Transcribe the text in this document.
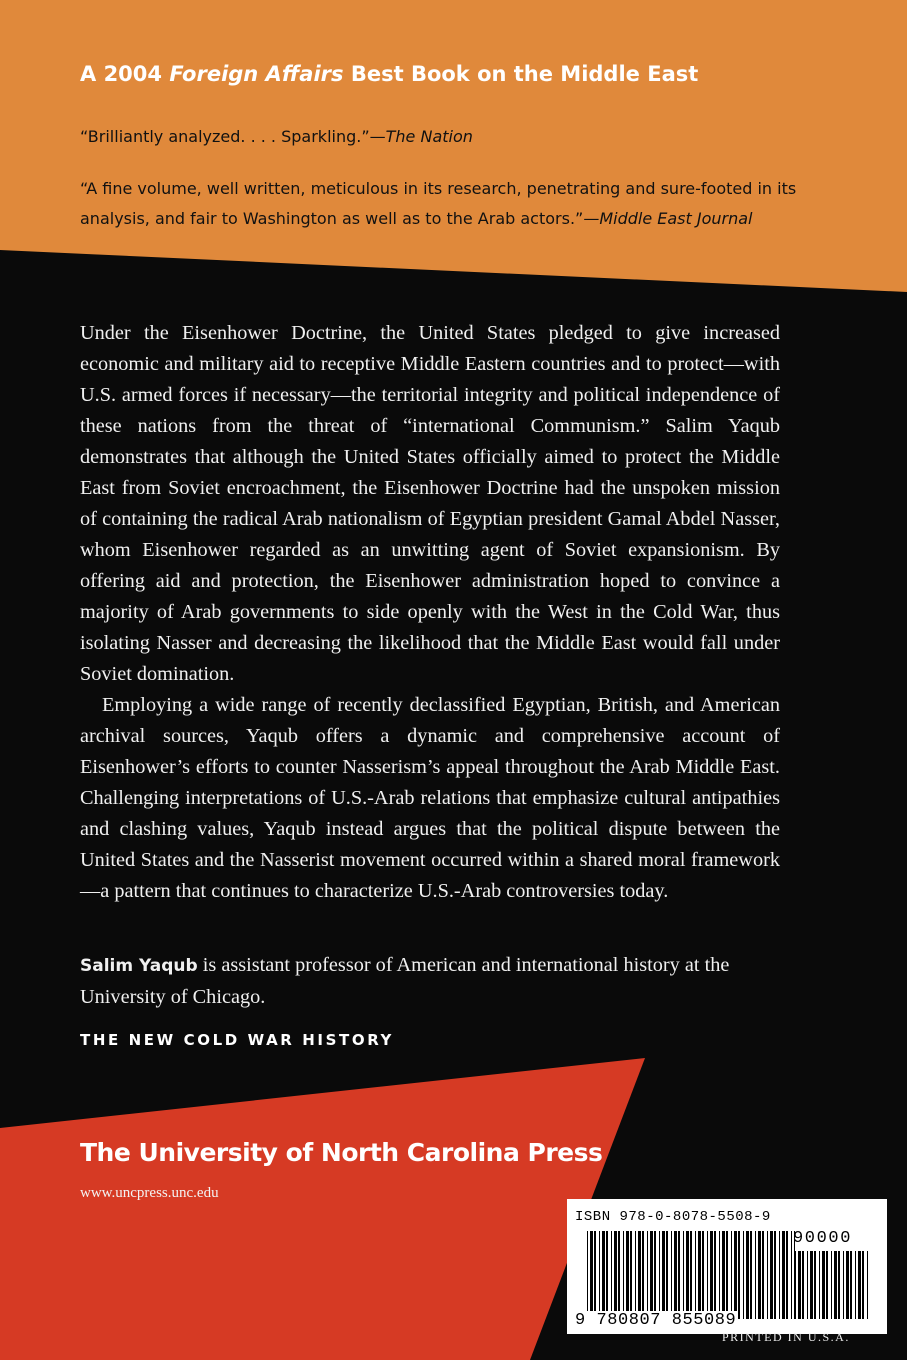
A 2004 Foreign Affairs Best Book on the Middle East
“Brilliantly analyzed. . . . Sparkling.”—The Nation
“A fine volume, well written, meticulous in its research, penetrating and sure-footed in its analysis, and fair to Washington as well as to the Arab actors.”—Middle East Journal

Under the Eisenhower Doctrine, the United States pledged to give increased economic and military aid to receptive Middle Eastern countries and to protect—with U.S. armed forces if necessary—the territorial integrity and political independence of these nations from the threat of “international Communism.” Salim Yaqub demonstrates that although the United States officially aimed to protect the Middle East from Soviet encroachment, the Eisenhower Doctrine had the unspoken mission of containing the radical Arab nationalism of Egyptian president Gamal Abdel Nasser, whom Eisenhower regarded as an unwitting agent of Soviet expansionism. By offering aid and protection, the Eisenhower administration hoped to convince a majority of Arab governments to side openly with the West in the Cold War, thus isolating Nasser and decreasing the likelihood that the Middle East would fall under Soviet domination.

Employing a wide range of recently declassified Egyptian, British, and American archival sources, Yaqub offers a dynamic and comprehensive account of Eisenhower’s efforts to counter Nasserism’s appeal throughout the Arab Middle East. Challenging interpretations of U.S.-Arab relations that emphasize cultural antipathies and clashing values, Yaqub instead argues that the political dispute between the United States and the Nasserist movement occurred within a shared moral framework—a pattern that continues to characterize U.S.-Arab controversies today.

Salim Yaqub is assistant professor of American and international history at the University of Chicago.
THE NEW COLD WAR HISTORY
The University of North Carolina Press
www.uncpress.unc.edu
ISBN 978-0-8078-5508-9
90000
9 780807 855089
PRINTED IN U.S.A.
